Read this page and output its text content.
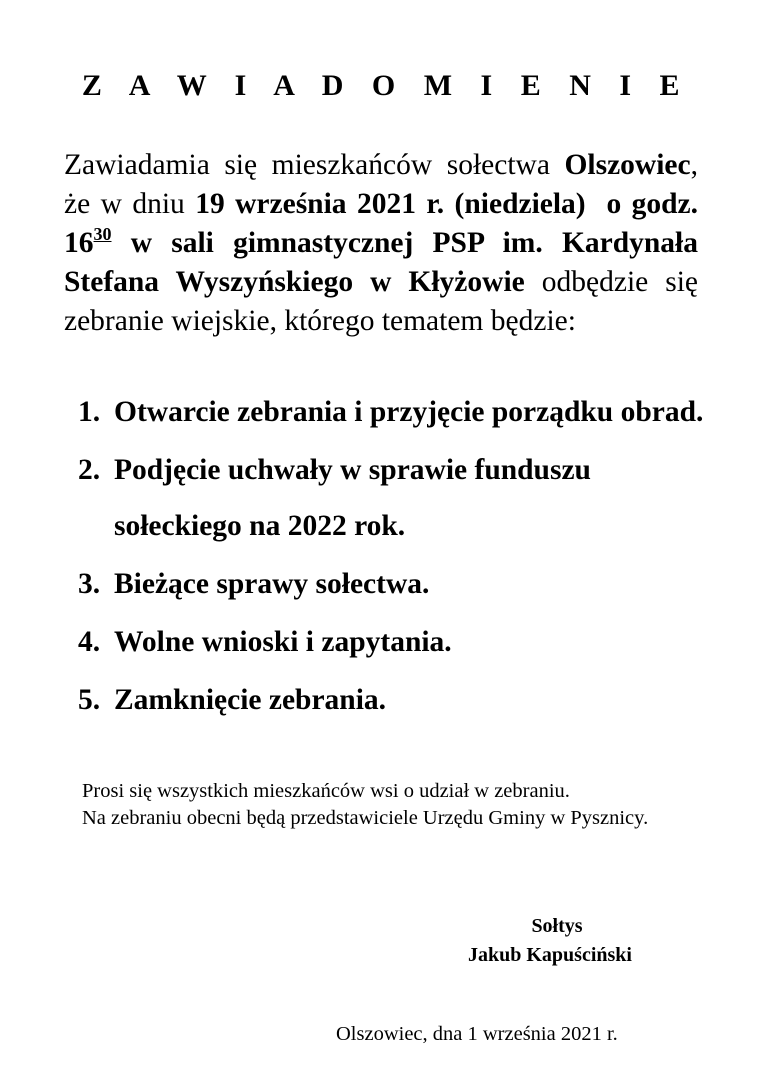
Z A W I A D O M I E N I E

Zawiadamia się mieszkańców sołectwa Olszowiec, że w dniu 19 września 2021 r. (niedziela) o godz. $16^{30}$ w sali gimnastycznej PSP im. Kardynała Stefana Wyszyńskiego w Kłyżowie odbędzie się zebranie wiejskie, którego tematem będzie:

1. Otwarcie zebrania i przyjęcie porządku obrad.
2. Podjęcie uchwały w sprawie funduszu sołeckiego na 2022 rok.
3. Bieżące sprawy sołectwa.
4. Wolne wnioski i zapytania.
5. Zamknięcie zebrania.

Prosi się wszystkich mieszkańców wsi o udział w zebraniu.

Na zebraniu obecni będą przedstawiciele Urzędu Gminy w Pysznicy.

Sołtys
Jakub Kapuściński
Olszowiec, dna 1 września 2021 r.
